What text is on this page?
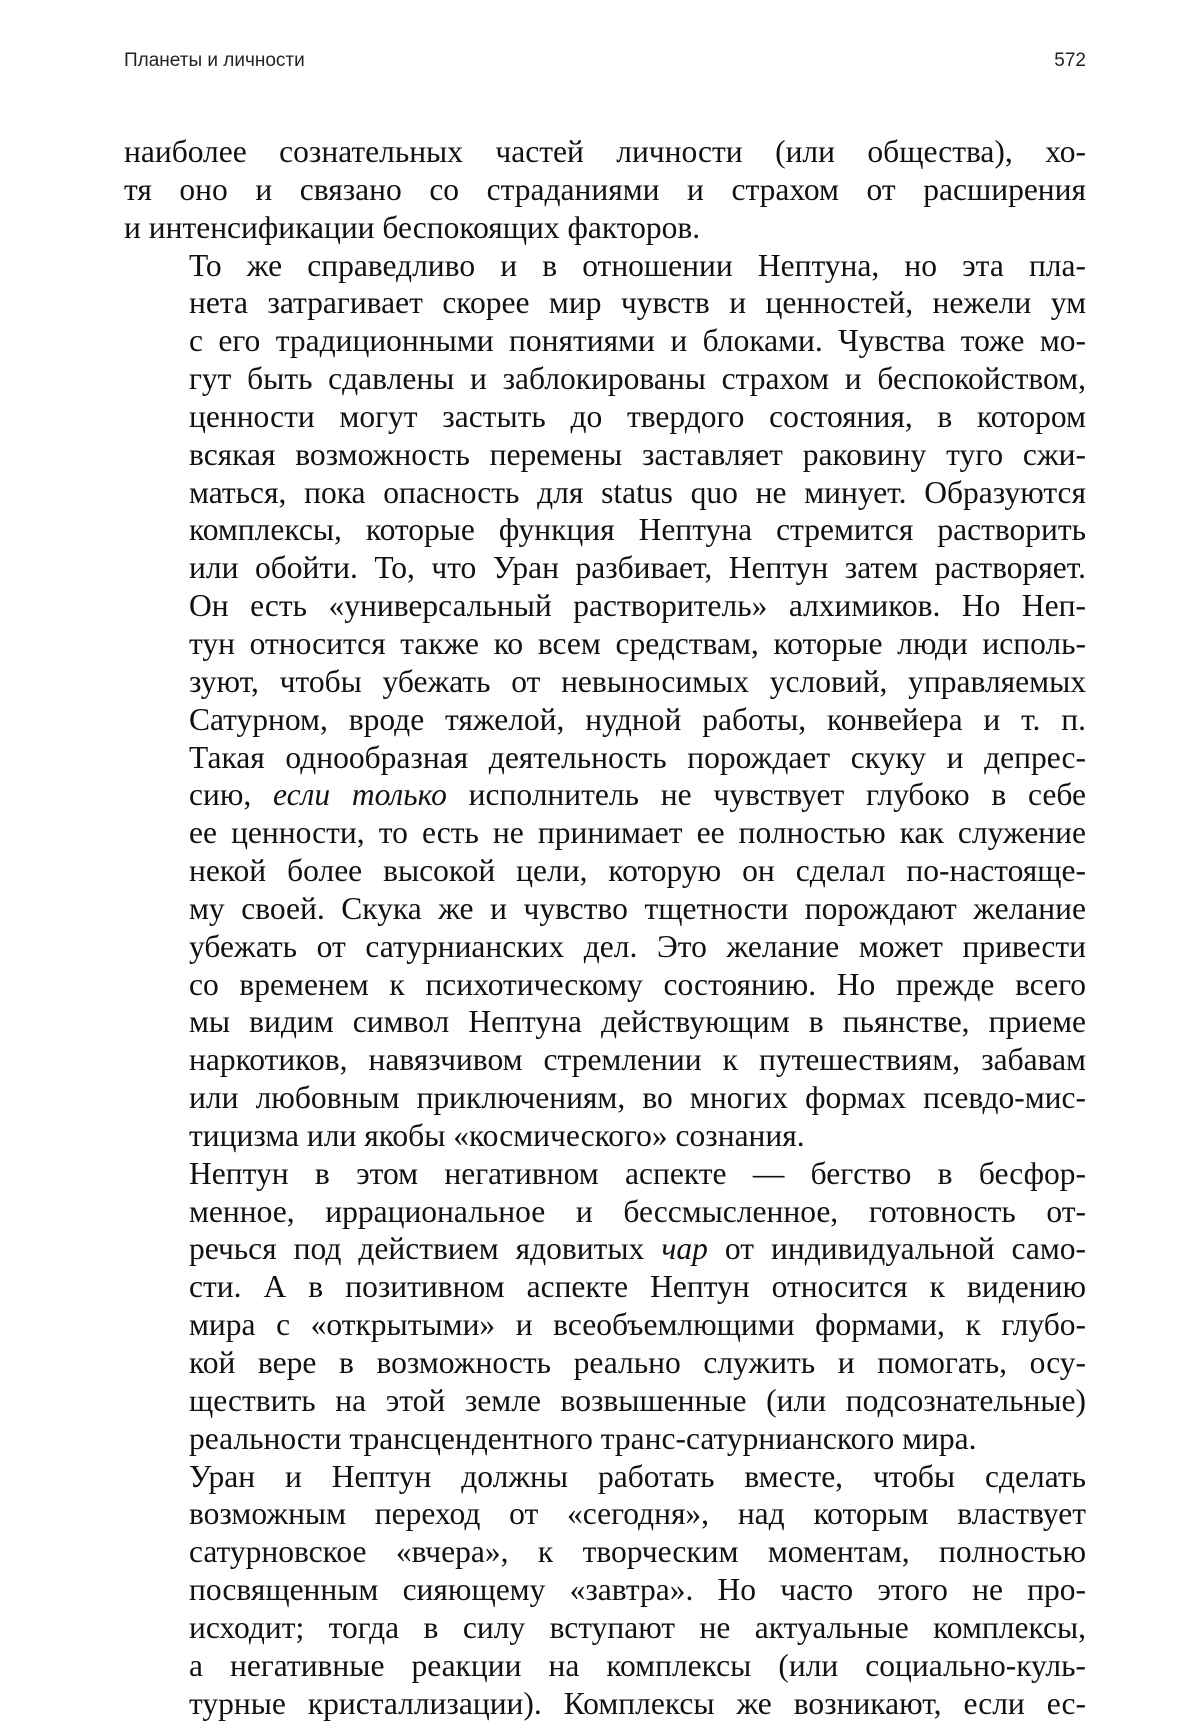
Планеты и личности	572

наиболее сознательных частей личности (или общества), хо-
тя оно и связано со страданиями и страхом от расширения
и интенсификации беспокоящих факторов.

То же справедливо и в отношении Нептуна, но эта пла-
нета затрагивает скорее мир чувств и ценностей, нежели ум
с его традиционными понятиями и блоками. Чувства тоже мо-
гут быть сдавлены и заблокированы страхом и беспокойством,
ценности могут застыть до твердого состояния, в котором
всякая возможность перемены заставляет раковину туго сжи-
маться, пока опасность для status quo не минует. Образуются
комплексы, которые функция Нептуна стремится растворить
или обойти. То, что Уран разбивает, Нептун затем растворяет.
Он есть «универсальный растворитель» алхимиков. Но Неп-
тун относится также ко всем средствам, которые люди исполь-
зуют, чтобы убежать от невыносимых условий, управляемых
Сатурном, вроде тяжелой, нудной работы, конвейера и т. п.
Такая однообразная деятельность порождает скуку и депрес-
сию, если только исполнитель не чувствует глубоко в себе
ее ценности, то есть не принимает ее полностью как служение
некой более высокой цели, которую он сделал по-настояще-
му своей. Скука же и чувство тщетности порождают желание
убежать от сатурнианских дел. Это желание может привести
со временем к психотическому состоянию. Но прежде всего
мы видим символ Нептуна действующим в пьянстве, приеме
наркотиков, навязчивом стремлении к путешествиям, забавам
или любовным приключениям, во многих формах псевдо-мис-
тицизма или якобы «космического» сознания.

Нептун в этом негативном аспекте — бегство в бесфор-
менное, иррациональное и бессмысленное, готовность от-
речься под действием ядовитых чар от индивидуальной само-
сти. А в позитивном аспекте Нептун относится к видению
мира с «открытыми» и всеобъемлющими формами, к глубо-
кой вере в возможность реально служить и помогать, осу-
ществить на этой земле возвышенные (или подсознательные)
реальности трансцендентного транс-сатурнианского мира.

Уран и Нептун должны работать вместе, чтобы сделать
возможным переход от «сегодня», над которым властвует
сатурновское «вчера», к творческим моментам, полностью
посвященным сияющему «завтра». Но часто этого не про-
исходит; тогда в силу вступают не актуальные комплексы,
а негативные реакции на комплексы (или социально-куль-
турные кристаллизации). Комплексы же возникают, если ес-
